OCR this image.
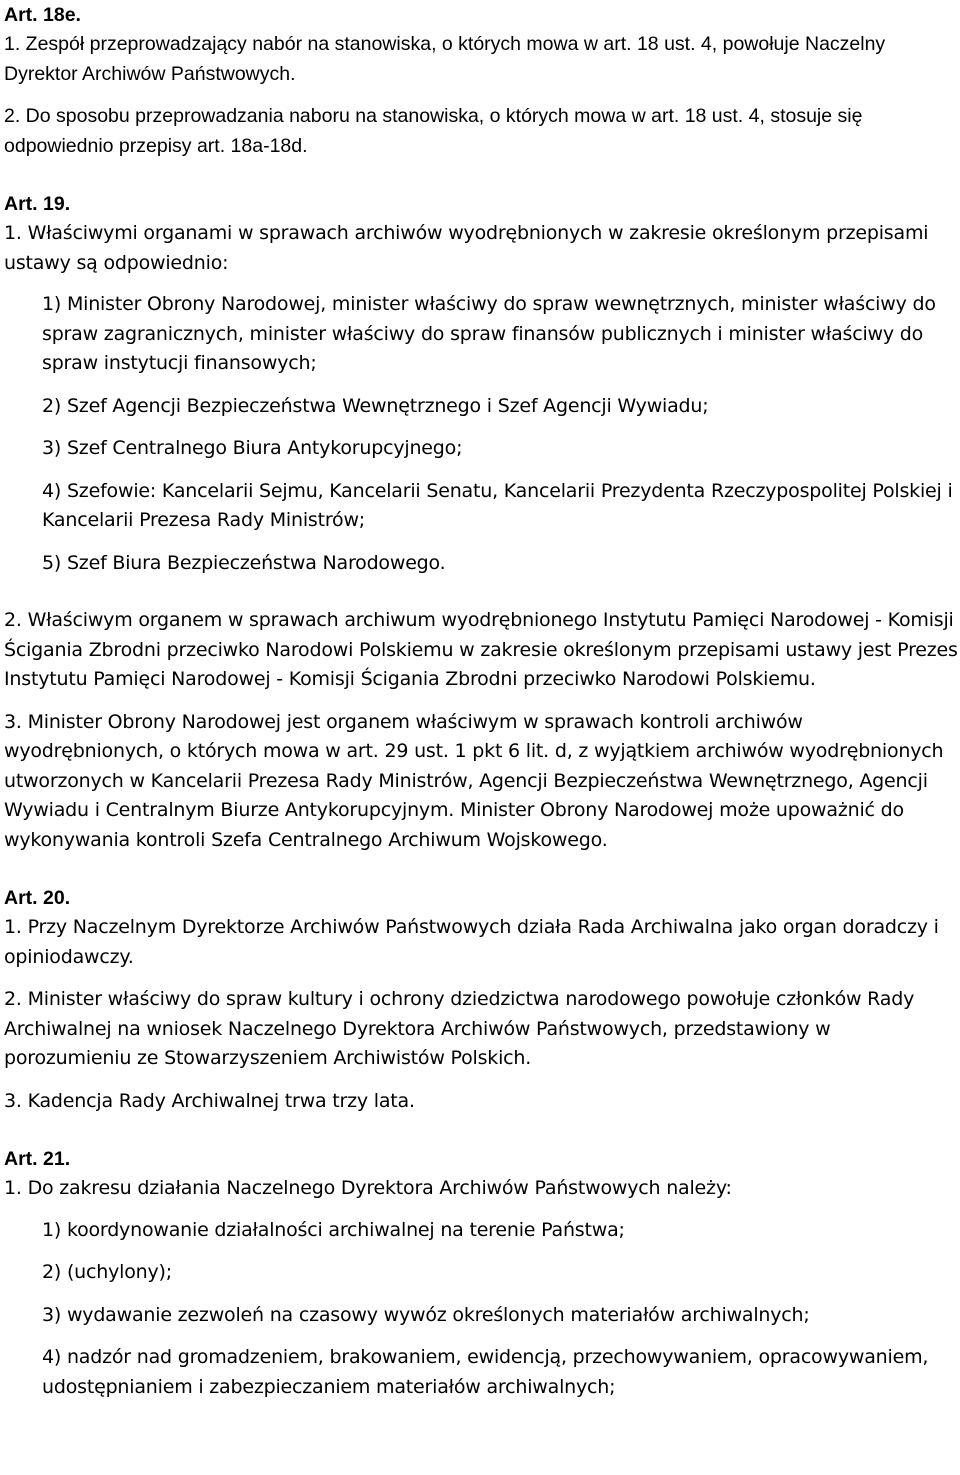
Art. 18e.

1. Zespół przeprowadzający nabór na stanowiska, o których mowa w art. 18 ust. 4, powołuje Naczelny Dyrektor Archiwów Państwowych.

2. Do sposobu przeprowadzania naboru na stanowiska, o których mowa w art. 18 ust. 4, stosuje się odpowiednio przepisy art. 18a-18d.

Art. 19.

1. Właściwymi organami w sprawach archiwów wyodrębnionych w zakresie określonym przepisami ustawy są odpowiednio:

1) Minister Obrony Narodowej, minister właściwy do spraw wewnętrznych, minister właściwy do spraw zagranicznych, minister właściwy do spraw finansów publicznych i minister właściwy do spraw instytucji finansowych;
2) Szef Agencji Bezpieczeństwa Wewnętrznego i Szef Agencji Wywiadu;
3) Szef Centralnego Biura Antykorupcyjnego;
4) Szefowie: Kancelarii Sejmu, Kancelarii Senatu, Kancelarii Prezydenta Rzeczypospolitej Polskiej i Kancelarii Prezesa Rady Ministrów;
5) Szef Biura Bezpieczeństwa Narodowego.

2. Właściwym organem w sprawach archiwum wyodrębnionego Instytutu Pamięci Narodowej - Komisji Ścigania Zbrodni przeciwko Narodowi Polskiemu w zakresie określonym przepisami ustawy jest Prezes Instytutu Pamięci Narodowej - Komisji Ścigania Zbrodni przeciwko Narodowi Polskiemu.

3. Minister Obrony Narodowej jest organem właściwym w sprawach kontroli archiwów wyodrębnionych, o których mowa w art. 29 ust. 1 pkt 6 lit. d, z wyjątkiem archiwów wyodrębnionych utworzonych w Kancelarii Prezesa Rady Ministrów, Agencji Bezpieczeństwa Wewnętrznego, Agencji Wywiadu i Centralnym Biurze Antykorupcyjnym. Minister Obrony Narodowej może upoważnić do wykonywania kontroli Szefa Centralnego Archiwum Wojskowego.

Art. 20.

1. Przy Naczelnym Dyrektorze Archiwów Państwowych działa Rada Archiwalna jako organ doradczy i opiniodawczy.

2. Minister właściwy do spraw kultury i ochrony dziedzictwa narodowego powołuje członków Rady Archiwalnej na wniosek Naczelnego Dyrektora Archiwów Państwowych, przedstawiony w porozumieniu ze Stowarzyszeniem Archiwistów Polskich.

3. Kadencja Rady Archiwalnej trwa trzy lata.

Art. 21.

1. Do zakresu działania Naczelnego Dyrektora Archiwów Państwowych należy:

1) koordynowanie działalności archiwalnej na terenie Państwa;
2) (uchylony);
3) wydawanie zezwoleń na czasowy wywóz określonych materiałów archiwalnych;
4) nadzór nad gromadzeniem, brakowaniem, ewidencją, przechowywaniem, opracowywaniem, udostępnianiem i zabezpieczaniem materiałów archiwalnych;
